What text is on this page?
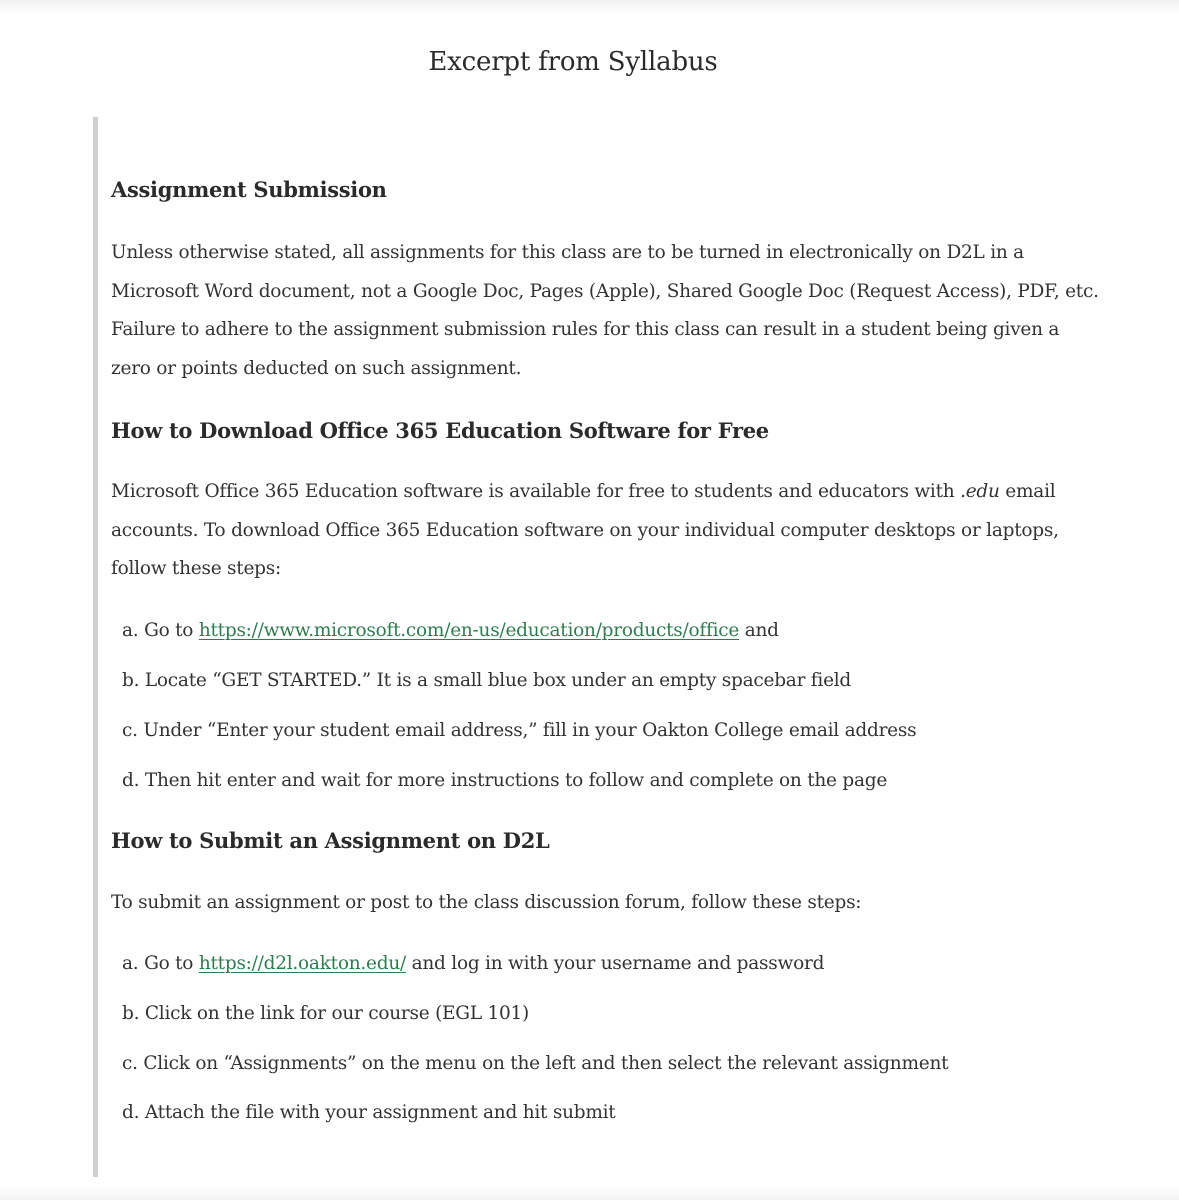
Excerpt from Syllabus
Assignment Submission

Unless otherwise stated, all assignments for this class are to be turned in electronically on D2L in a Microsoft Word document, not a Google Doc, Pages (Apple), Shared Google Doc (Request Access), PDF, etc. Failure to adhere to the assignment submission rules for this class can result in a student being given a zero or points deducted on such assignment.

How to Download Office 365 Education Software for Free

Microsoft Office 365 Education software is available for free to students and educators with .edu email accounts. To download Office 365 Education software on your individual computer desktops or laptops, follow these steps:

a. Go to https://www.microsoft.com/en-us/education/products/office and

b. Locate “GET STARTED.” It is a small blue box under an empty spacebar field

c. Under “Enter your student email address,” fill in your Oakton College email address

d. Then hit enter and wait for more instructions to follow and complete on the page

How to Submit an Assignment on D2L

To submit an assignment or post to the class discussion forum, follow these steps:

a. Go to https://d2l.oakton.edu/ and log in with your username and password

b. Click on the link for our course (EGL 101)

c. Click on “Assignments” on the menu on the left and then select the relevant assignment

d. Attach the file with your assignment and hit submit
